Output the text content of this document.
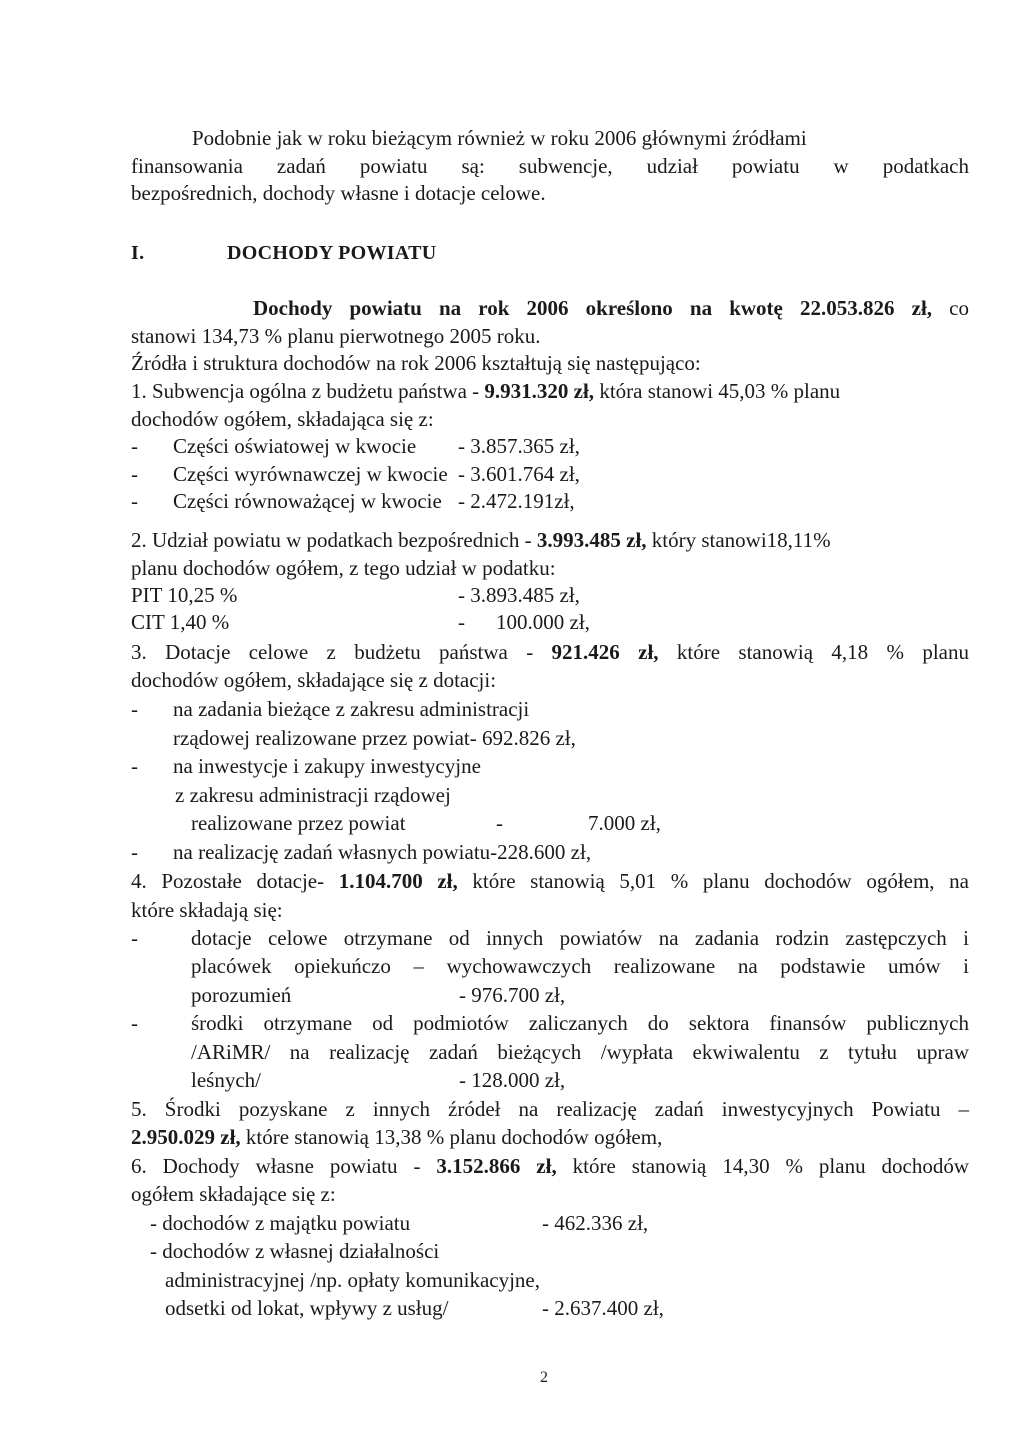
Podobnie jak w roku bieżącym również w roku 2006 głównymi źródłami
finansowania zadań powiatu są: subwencje, udział powiatu w podatkach
bezpośrednich, dochody własne i dotacje celowe.
I.	DOCHODY POWIATU
Dochody powiatu na rok 2006 określono na kwotę 22.053.826 zł, co
stanowi 134,73 % planu pierwotnego 2005 roku.
Źródła i struktura dochodów na rok 2006 kształtują się następująco:
1. Subwencja ogólna z budżetu państwa - 9.931.320 zł, która stanowi 45,03 % planu
dochodów ogółem, składająca się z:
- Części oświatowej w kwocie - 3.857.365 zł,
- Części wyrównawczej w kwocie - 3.601.764 zł,
- Części równoważącej w kwocie - 2.472.191zł,
2. Udział powiatu w podatkach bezpośrednich - 3.993.485 zł, który stanowi18,11%
planu dochodów ogółem, z tego udział w podatku:
PIT 10,25 %	- 3.893.485 zł,
CIT 1,40 %	- 100.000 zł,
3. Dotacje celowe z budżetu państwa - 921.426 zł, które stanowią 4,18 % planu
dochodów ogółem, składające się z dotacji:
- na zadania bieżące z zakresu administracji
rządowej realizowane przez powiat- 692.826 zł,
- na inwestycje i zakupy inwestycyjne
z zakresu administracji rządowej
realizowane przez powiat	-	7.000 zł,
- na realizację zadań własnych powiatu-228.600 zł,
4. Pozostałe dotacje- 1.104.700 zł, które stanowią 5,01 % planu dochodów ogółem, na
które składają się:
-	dotacje celowe otrzymane od innych powiatów na zadania rodzin zastępczych i
placówek opiekuńczo – wychowawczych realizowane na podstawie umów i
porozumień	- 976.700 zł,
-	środki otrzymane od podmiotów zaliczanych do sektora finansów publicznych
/ARiMR/ na realizację zadań bieżących /wypłata ekwiwalentu z tytułu upraw
leśnych/	- 128.000 zł,
5. Środki pozyskane z innych źródeł na realizację zadań inwestycyjnych Powiatu –
2.950.029 zł, które stanowią 13,38 % planu dochodów ogółem,
6. Dochody własne powiatu - 3.152.866 zł, które stanowią 14,30 % planu dochodów
ogółem składające się z:
- dochodów z majątku powiatu	- 462.336 zł,
- dochodów z własnej działalności
administracyjnej /np. opłaty komunikacyjne,
odsetki od lokat, wpływy z usług/	- 2.637.400 zł,
2
